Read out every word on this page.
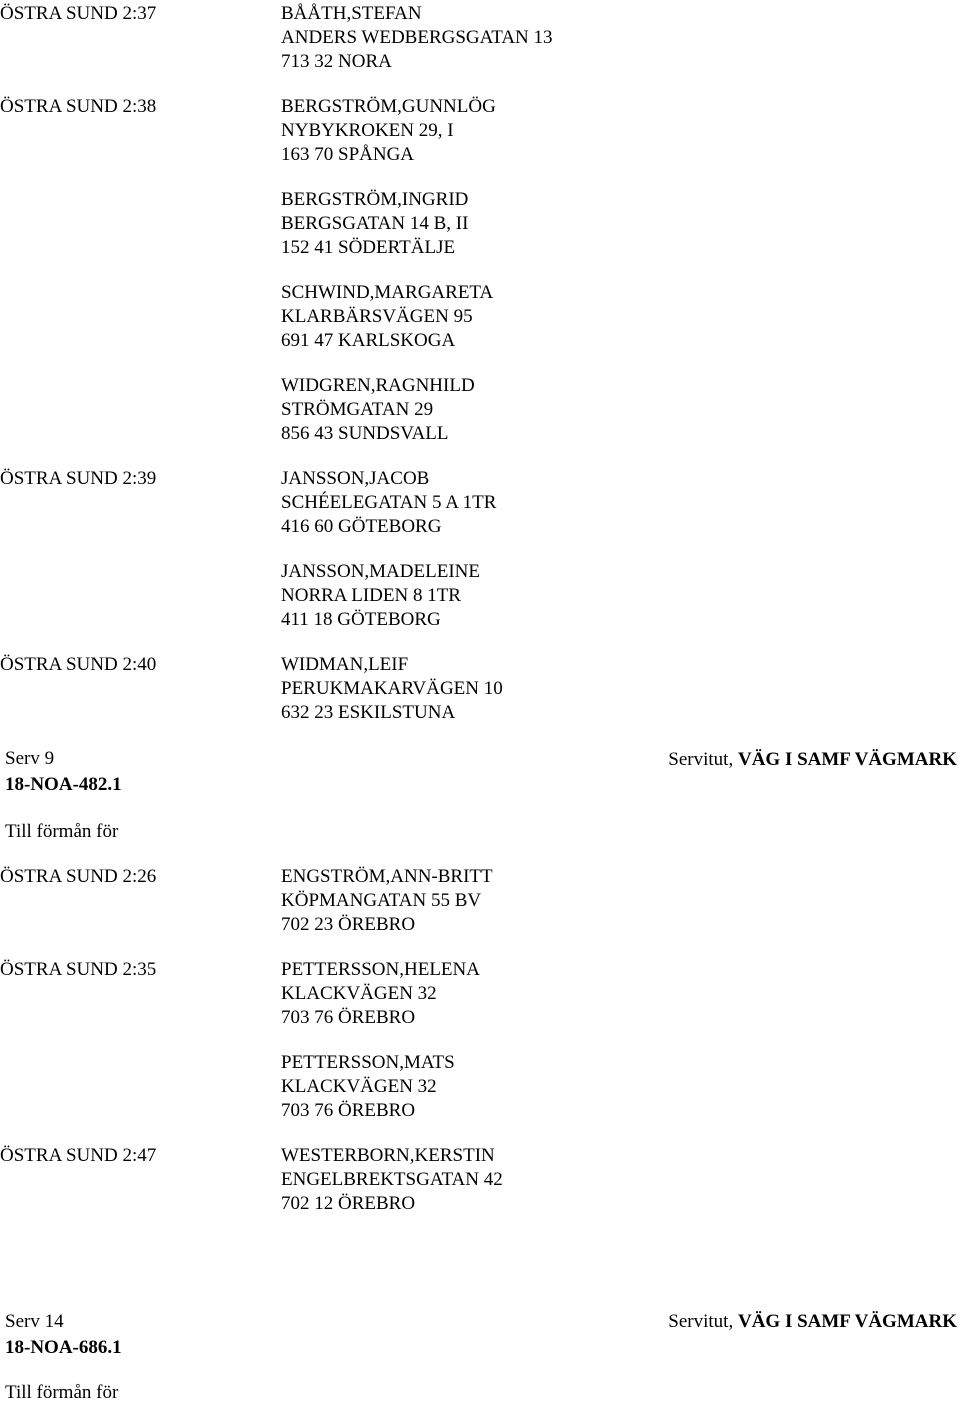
ÖSTRA SUND 2:37	BÅÅTH,STEFAN
ANDERS WEDBERGSGATAN 13
713 32 NORA
ÖSTRA SUND 2:38	BERGSTRÖM,GUNNLÖG
NYBYKROKEN 29, I
163 70 SPÅNGA
BERGSTRÖM,INGRID
BERGSGATAN 14 B, II
152 41 SÖDERTÄLJE
SCHWIND,MARGARETA
KLARBÄRSVÄGEN 95
691 47 KARLSKOGA
WIDGREN,RAGNHILD
STRÖMGATAN 29
856 43 SUNDSVALL
ÖSTRA SUND 2:39	JANSSON,JACOB
SCHÉELEGATAN 5 A 1TR
416 60 GÖTEBORG
JANSSON,MADELEINE
NORRA LIDEN 8 1TR
411 18 GÖTEBORG
ÖSTRA SUND 2:40	WIDMAN,LEIF
PERUKMAKARVÄGEN 10
632 23 ESKILSTUNA
Serv 9
18-NOA-482.1
Servitut, VÄG I SAMF VÄGMARK
Till förmån för
ÖSTRA SUND 2:26	ENGSTRÖM,ANN-BRITT
KÖPMANGATAN 55 BV
702 23 ÖREBRO
ÖSTRA SUND 2:35	PETTERSSON,HELENA
KLACKVÄGEN 32
703 76 ÖREBRO
PETTERSSON,MATS
KLACKVÄGEN 32
703 76 ÖREBRO
ÖSTRA SUND 2:47	WESTERBORN,KERSTIN
ENGELBREKTSGATAN 42
702 12 ÖREBRO
Serv 14
18-NOA-686.1
Servitut, VÄG I SAMF VÄGMARK
Till förmån för
